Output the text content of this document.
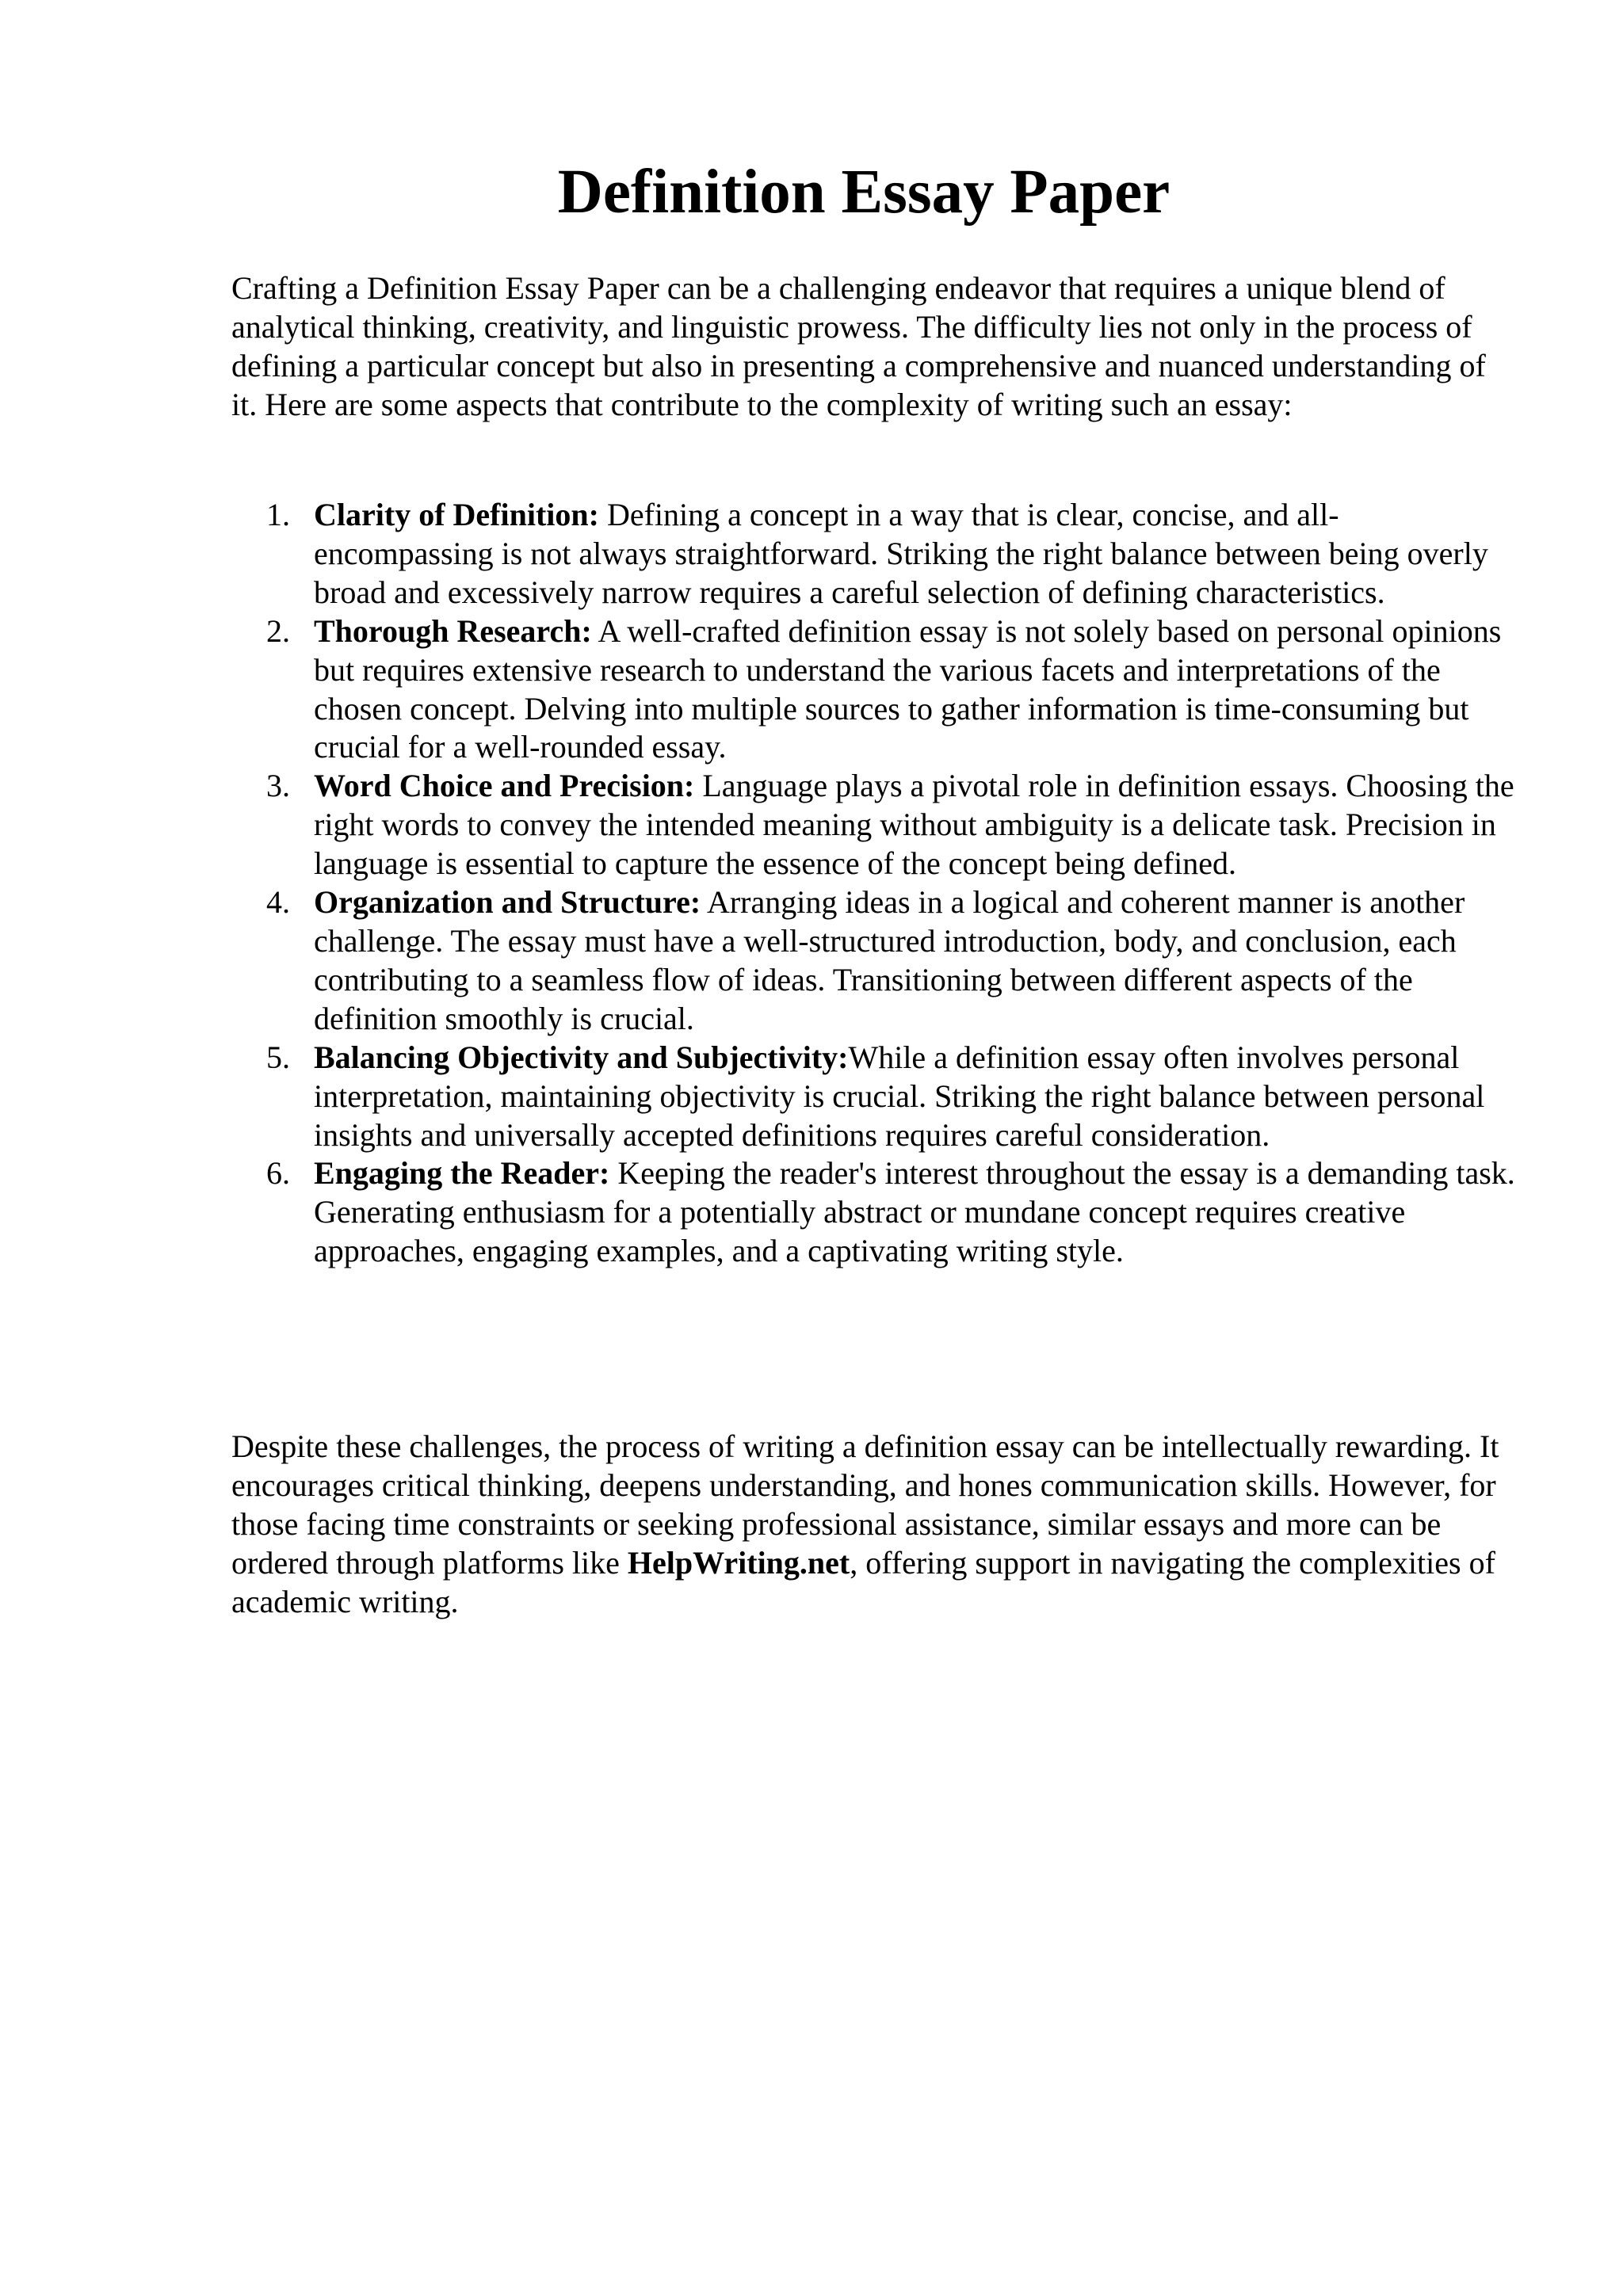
Definition Essay Paper

Crafting a Definition Essay Paper can be a challenging endeavor that requires a unique blend of analytical thinking, creativity, and linguistic prowess. The difficulty lies not only in the process of defining a particular concept but also in presenting a comprehensive and nuanced understanding of it. Here are some aspects that contribute to the complexity of writing such an essay:

1. Clarity of Definition: Defining a concept in a way that is clear, concise, and all-encompassing is not always straightforward. Striking the right balance between being overly broad and excessively narrow requires a careful selection of defining characteristics.
2. Thorough Research: A well-crafted definition essay is not solely based on personal opinions but requires extensive research to understand the various facets and interpretations of the chosen concept. Delving into multiple sources to gather information is time-consuming but crucial for a well-rounded essay.
3. Word Choice and Precision: Language plays a pivotal role in definition essays. Choosing the right words to convey the intended meaning without ambiguity is a delicate task. Precision in language is essential to capture the essence of the concept being defined.
4. Organization and Structure: Arranging ideas in a logical and coherent manner is another challenge. The essay must have a well-structured introduction, body, and conclusion, each contributing to a seamless flow of ideas. Transitioning between different aspects of the definition smoothly is crucial.
5. Balancing Objectivity and Subjectivity:While a definition essay often involves personal interpretation, maintaining objectivity is crucial. Striking the right balance between personal insights and universally accepted definitions requires careful consideration.
6. Engaging the Reader: Keeping the reader's interest throughout the essay is a demanding task. Generating enthusiasm for a potentially abstract or mundane concept requires creative approaches, engaging examples, and a captivating writing style.

Despite these challenges, the process of writing a definition essay can be intellectually rewarding. It encourages critical thinking, deepens understanding, and hones communication skills. However, for those facing time constraints or seeking professional assistance, similar essays and more can be ordered through platforms like HelpWriting.net, offering support in navigating the complexities of academic writing.
